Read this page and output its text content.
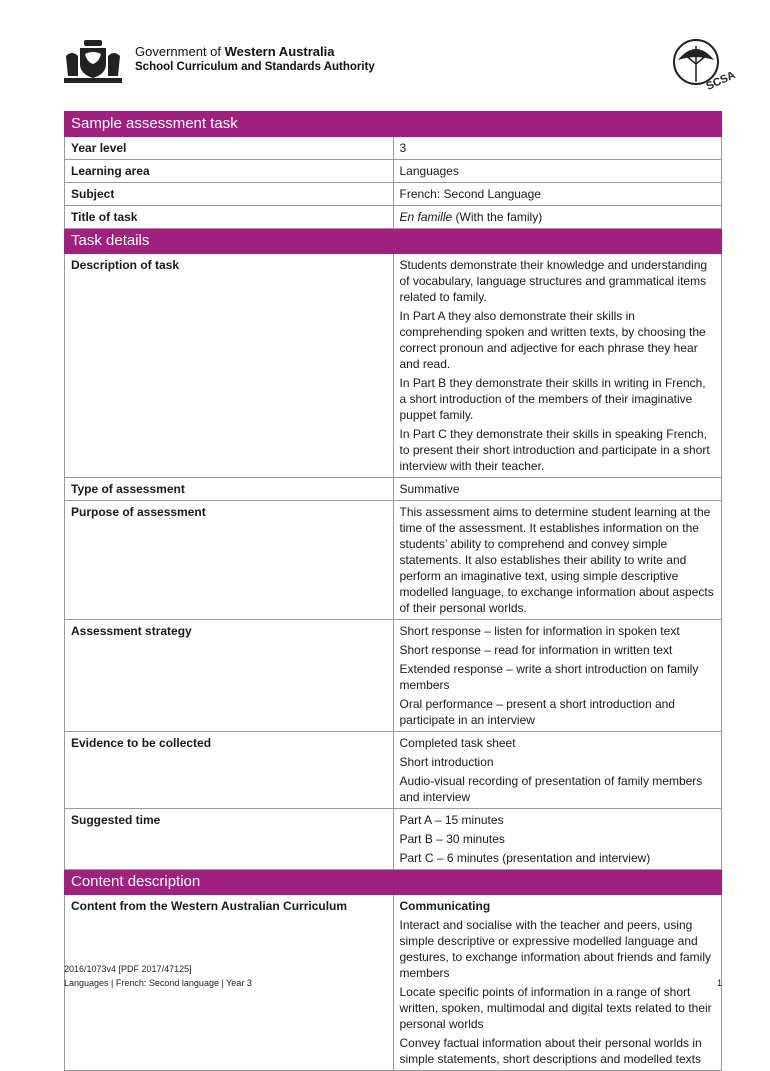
Government of Western Australia
School Curriculum and Standards Authority
SCSA
Sample assessment task	
Year level	3
Learning area	Languages
Subject	French: Second Language
Title of task	En famille (With the family)
Task details	
Description of task	Students demonstrate their knowledge and understanding of vocabulary, language structures and grammatical items related to family.
In Part A they also demonstrate their skills in comprehending spoken and written texts, by choosing the correct pronoun and adjective for each phrase they hear and read.
In Part B they demonstrate their skills in writing in French, a short introduction of the members of their imaginative puppet family.
In Part C they demonstrate their skills in speaking French, to present their short introduction and participate in a short interview with their teacher.

Type of assessment	Summative
Purpose of assessment	This assessment aims to determine student learning at the time of the assessment. It establishes information on the students’ ability to comprehend and convey simple statements. It also establishes their ability to write and perform an imaginative text, using simple descriptive modelled language, to exchange information about aspects of their personal worlds.
Assessment strategy	Short response – listen for information in spoken text
Short response – read for information in written text
Extended response – write a short introduction on family members
Oral performance – present a short introduction and participate in an interview

Evidence to be collected	Completed task sheet
Short introduction
Audio-visual recording of presentation of family members and interview

Suggested time	Part A – 15 minutes
Part B – 30 minutes
Part C – 6 minutes (presentation and interview)

Content description	
Content from the Western Australian Curriculum	Communicating
Interact and socialise with the teacher and peers, using simple descriptive or expressive modelled language and gestures, to exchange information about friends and family members
Locate specific points of information in a range of short written, spoken, multimodal and digital texts related to their personal worlds
Convey factual information about their personal worlds in simple statements, short descriptions and modelled texts
2016/1073v4 [PDF 2017/47125]
Languages | French: Second language | Year 3	1
